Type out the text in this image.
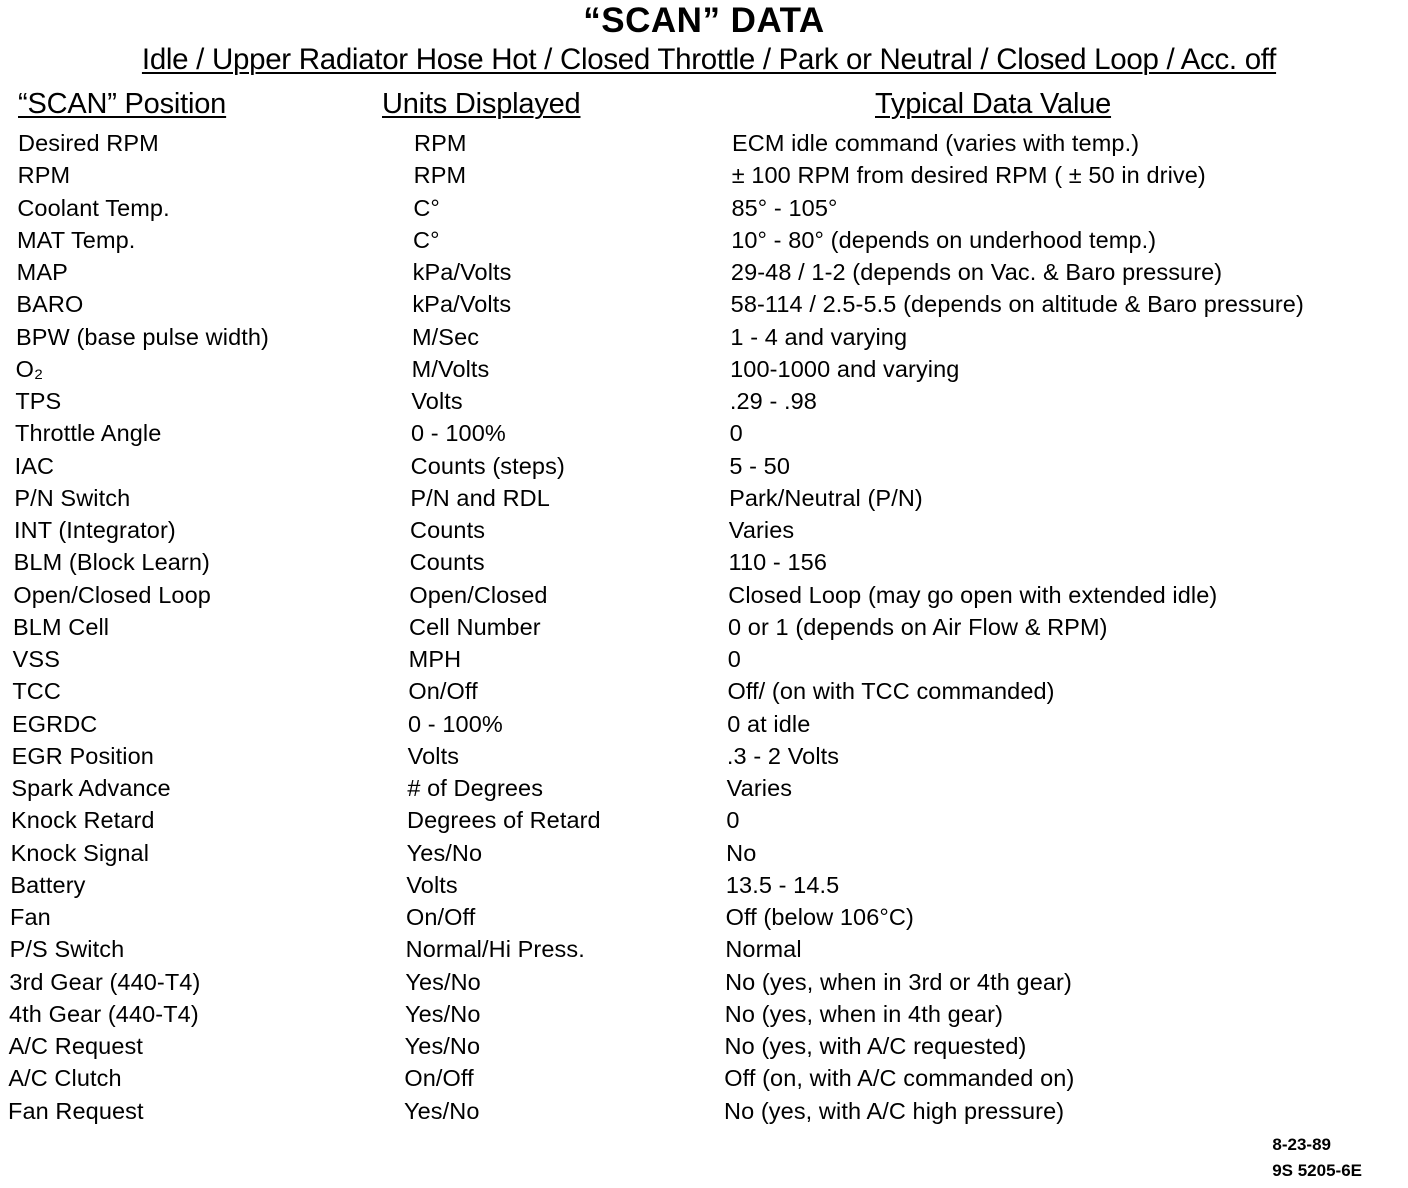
“SCAN” DATA
Idle / Upper Radiator Hose Hot / Closed Throttle / Park or Neutral / Closed Loop / Acc. off
“SCAN” Position	Units Displayed	Typical Data Value
Desired RPM	RPM	ECM idle command (varies with temp.)
RPM	RPM	± 100 RPM from desired RPM ( ± 50 in drive)
Coolant Temp.	C°	85° - 105°
MAT Temp.	C°	10° - 80° (depends on underhood temp.)
MAP	kPa/Volts	29-48 / 1-2 (depends on Vac. & Baro pressure)
BARO	kPa/Volts	58-114 / 2.5-5.5 (depends on altitude & Baro pressure)
BPW (base pulse width)	M/Sec	1 - 4 and varying
O₂	M/Volts	100-1000 and varying
TPS	Volts	.29 - .98
Throttle Angle	0 - 100%	0
IAC	Counts (steps)	5 - 50
P/N Switch	P/N and RDL	Park/Neutral (P/N)
INT (Integrator)	Counts	Varies
BLM (Block Learn)	Counts	110 - 156
Open/Closed Loop	Open/Closed	Closed Loop (may go open with extended idle)
BLM Cell	Cell Number	0 or 1 (depends on Air Flow & RPM)
VSS	MPH	0
TCC	On/Off	Off/ (on with TCC commanded)
EGRDC	0 - 100%	0 at idle
EGR Position	Volts	.3 - 2 Volts
Spark Advance	# of Degrees	Varies
Knock Retard	Degrees of Retard	0
Knock Signal	Yes/No	No
Battery	Volts	13.5 - 14.5
Fan	On/Off	Off (below 106°C)
P/S Switch	Normal/Hi Press.	Normal
3rd Gear (440-T4)	Yes/No	No (yes, when in 3rd or 4th gear)
4th Gear (440-T4)	Yes/No	No (yes, when in 4th gear)
A/C Request	Yes/No	No (yes, with A/C requested)
A/C Clutch	On/Off	Off (on, with A/C commanded on)
Fan Request	Yes/No	No (yes, with A/C high pressure)
8-23-89
9S 5205-6E
